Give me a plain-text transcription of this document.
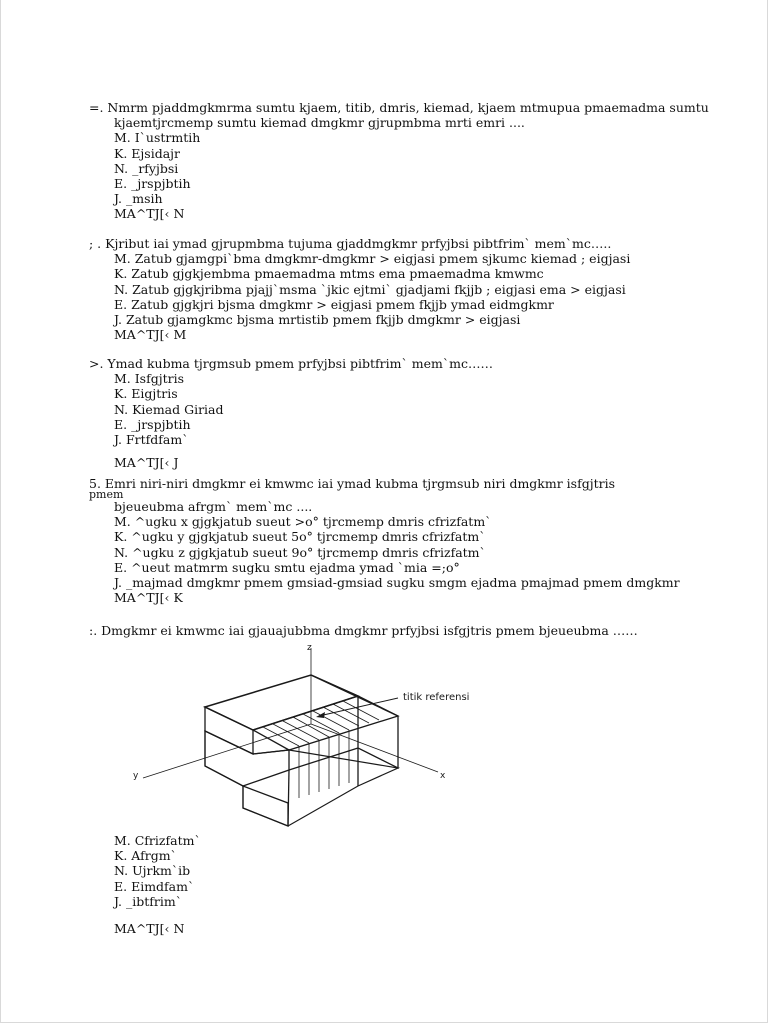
=. Nmrm pjaddmgkmrma sumtu kjaem, titib, dmris, kiemad, kjaem mtmupua pmaemadma sumtu
kjaemtjrcmemp sumtu kiemad dmgkmr gjrupmbma mrti emri ....
M. I`ustrmtih
K. Ejsidajr
N. _rfyjbsi
E. _jrspjbtih
J. _msih
MA^TJ[‹ N
; . Kjribut iai ymad gjrupmbma tujuma gjaddmgkmr prfyjbsi pibtfrim` mem`mc…..
M. Zatub gjamgpi`bma dmgkmr-dmgkmr > eigjasi pmem sjkumc kiemad ; eigjasi
K. Zatub gjgkjembma pmaemadma mtms ema pmaemadma kmwmc
N. Zatub gjgkjribma pjajj`msma `jkic ejtmi` gjadjami fkjjb ; eigjasi ema > eigjasi
E. Zatub gjgkjri bjsma dmgkmr > eigjasi pmem fkjjb ymad eidmgkmr
J. Zatub gjamgkmc bjsma mrtistib pmem fkjjb dmgkmr > eigjasi
MA^TJ[‹ M
>. Ymad kubma tjrgmsub pmem prfyjbsi pibtfrim` mem`mc……
M. Isfgjtris
K. Eigjtris
N. Kiemad Giriad
E. _jrspjbtih
J. Frtfdfam`
MA^TJ[‹ J
5. Emri niri-niri dmgkmr ei kmwmc iai ymad kubma tjrgmsub niri dmgkmr isfgjtris
pmem
bjeueubma afrgm` mem`mc ....
M. ^ugku x gjgkjatub sueut >o° tjrcmemp dmris cfrizfatm`
K. ^ugku y gjgkjatub sueut 5o° tjrcmemp dmris cfrizfatm`
N. ^ugku z gjgkjatub sueut 9o° tjrcmemp dmris cfrizfatm`
E. ^ueut matmrm sugku smtu ejadma ymad `mia =;o°
J. _majmad dmgkmr pmem gmsiad-gmsiad sugku smgm ejadma pmajmad pmem dmgkmr
MA^TJ[‹ K
:. Dmgkmr ei kmwmc iai gjauajubbma dmgkmr prfyjbsi isfgjtris pmem bjeueubma ……
z
y	x
titik referensi
M. Cfrizfatm`
K. Afrgm`
N. Ujrkm`ib
E. Eimdfam`
J. _ibtfrim`
MA^TJ[‹ N
